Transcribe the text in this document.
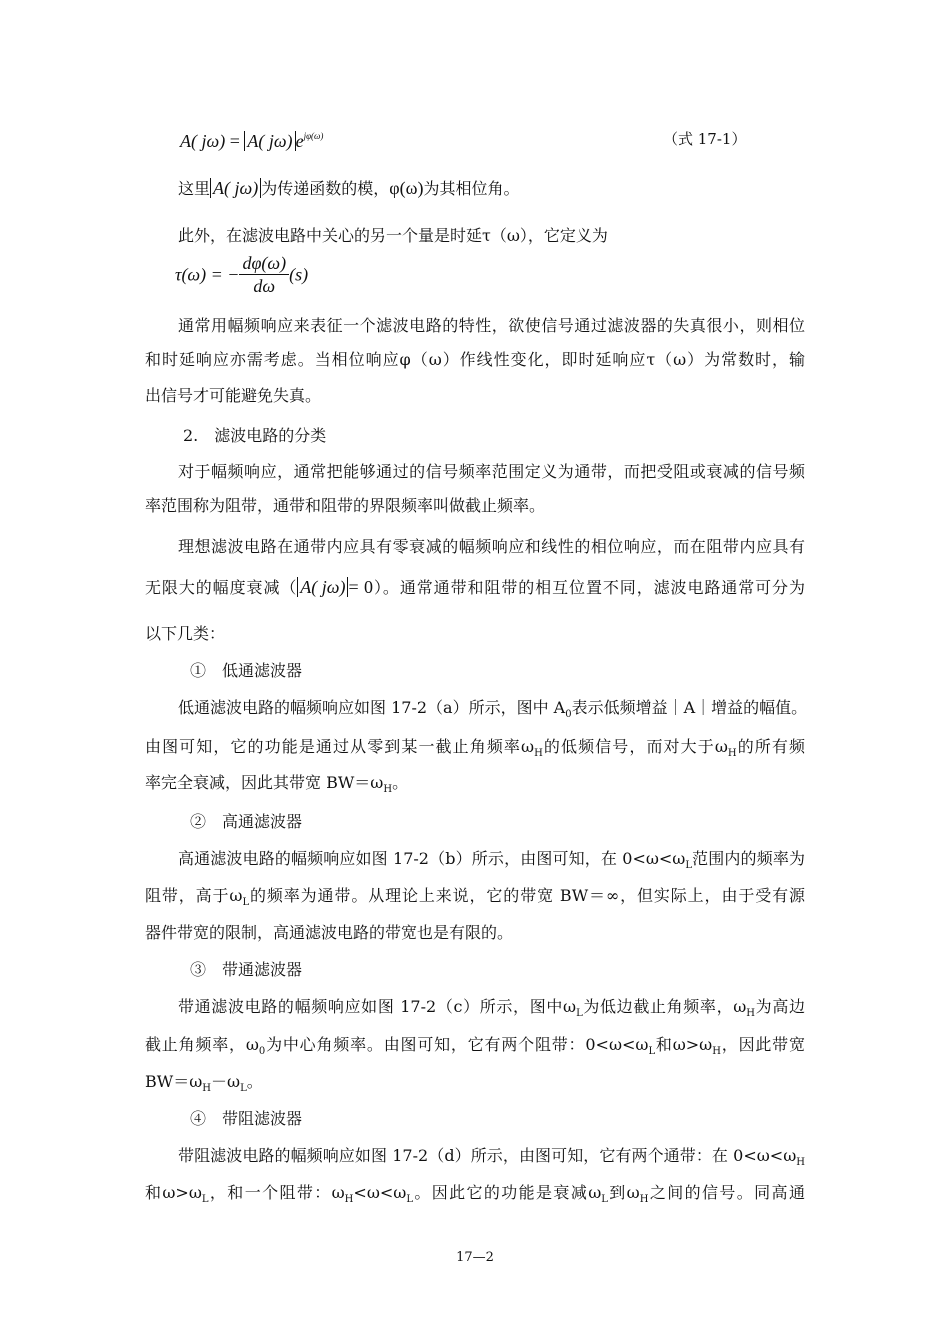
A( jω) = A( jω) $e^{j\varphi(\omega)}$	（式 17-1）
这里 A( jω) 为传递函数的模，φ(ω)为其相位角。
此外，在滤波电路中关心的另一个量是时延τ（ω），它定义为
τ(ω) = − $\frac{d\varphi(\omega)}{d\omega} (s)$
通常用幅频响应来表征一个滤波电路的特性，欲使信号通过滤波器的失真很小，则相位
和时延响应亦需考虑。当相位响应φ（ω）作线性变化，即时延响应τ（ω）为常数时，输
出信号才可能避免失真。
2.　滤波电路的分类
对于幅频响应，通常把能够通过的信号频率范围定义为通带，而把受阻或衰减的信号频
率范围称为阻带，通带和阻带的界限频率叫做截止频率。
理想滤波电路在通带内应具有零衰减的幅频响应和线性的相位响应，而在阻带内应具有
无限大的幅度衰减（ A( jω) = 0）。通常通带和阻带的相互位置不同，滤波电路通常可分为
以下几类：
①　低通滤波器
低通滤波电路的幅频响应如图 17-2（a）所示，图中 $A_0$表示低频增益｜A｜增益的幅值。
由图可知，它的功能是通过从零到某一截止角频率$\omega_H$的低频信号，而对大于$\omega_H$的所有频
率完全衰减，因此其带宽 $BW=\omega_H$。
②　高通滤波器
高通滤波电路的幅频响应如图 17-2（b）所示，由图可知，在 $0<\omega<\omega_L$范围内的频率为
阻带，高于$\omega_L$的频率为通带。从理论上来说，它的带宽 BW＝∞，但实际上，由于受有源
器件带宽的限制，高通滤波电路的带宽也是有限的。
③　带通滤波器
带通滤波电路的幅频响应如图 17-2（c）所示，图中$\omega_L$为低边截止角频率，$\omega_H$为高边
截止角频率，$\omega_0$为中心角频率。由图可知，它有两个阻带：$0<\omega<\omega_L$和$\omega>\omega_H$，因此带宽
$BW=\omega_H-\omega_L$。
④　带阻滤波器
带阻滤波电路的幅频响应如图 17-2（d）所示，由图可知，它有两个通带：在 $0<\omega<\omega_H$
和$\omega>\omega_L$，和一个阻带：$\omega_H<\omega<\omega_L$。因此它的功能是衰减$\omega_L$到$\omega_H$之间的信号。同高通
17—2
